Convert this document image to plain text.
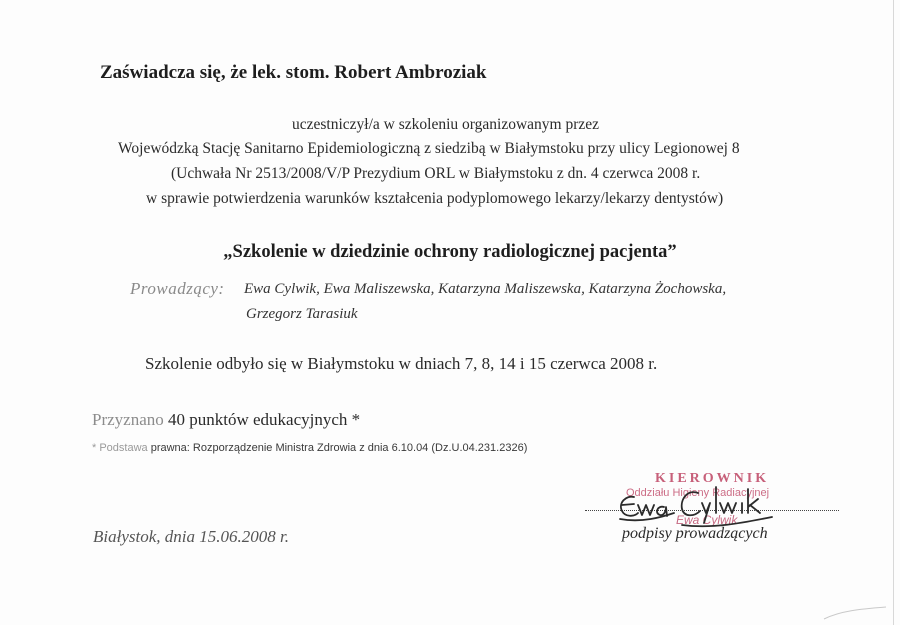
Zaświadcza się, że lek. stom. Robert Ambroziak
uczestniczył/a w szkoleniu organizowanym przez
Wojewódzką Stację Sanitarno Epidemiologiczną z siedzibą w Białymstoku przy ulicy Legionowej 8
(Uchwała Nr 2513/2008/V/P Prezydium ORL w Białymstoku z dn. 4 czerwca 2008 r.
w sprawie potwierdzenia warunków kształcenia podyplomowego lekarzy/lekarzy dentystów)
„Szkolenie w dziedzinie ochrony radiologicznej pacjenta”
Prowadzący: Ewa Cylwik, Ewa Maliszewska, Katarzyna Maliszewska, Katarzyna Żochowska,
Grzegorz Tarasiuk
Szkolenie odbyło się w Białymstoku w dniach 7, 8, 14 i 15 czerwca 2008 r.
Przyznano 40 punktów edukacyjnych *
* Podstawa prawna: Rozporządzenie Ministra Zdrowia z dnia 6.10.04 (Dz.U.04.231.2326)
Białystok, dnia 15.06.2008 r.
KIEROWNIK
Oddziału Higieny Radiacyjnej
Ewa Cylwik
podpisy prowadzących
